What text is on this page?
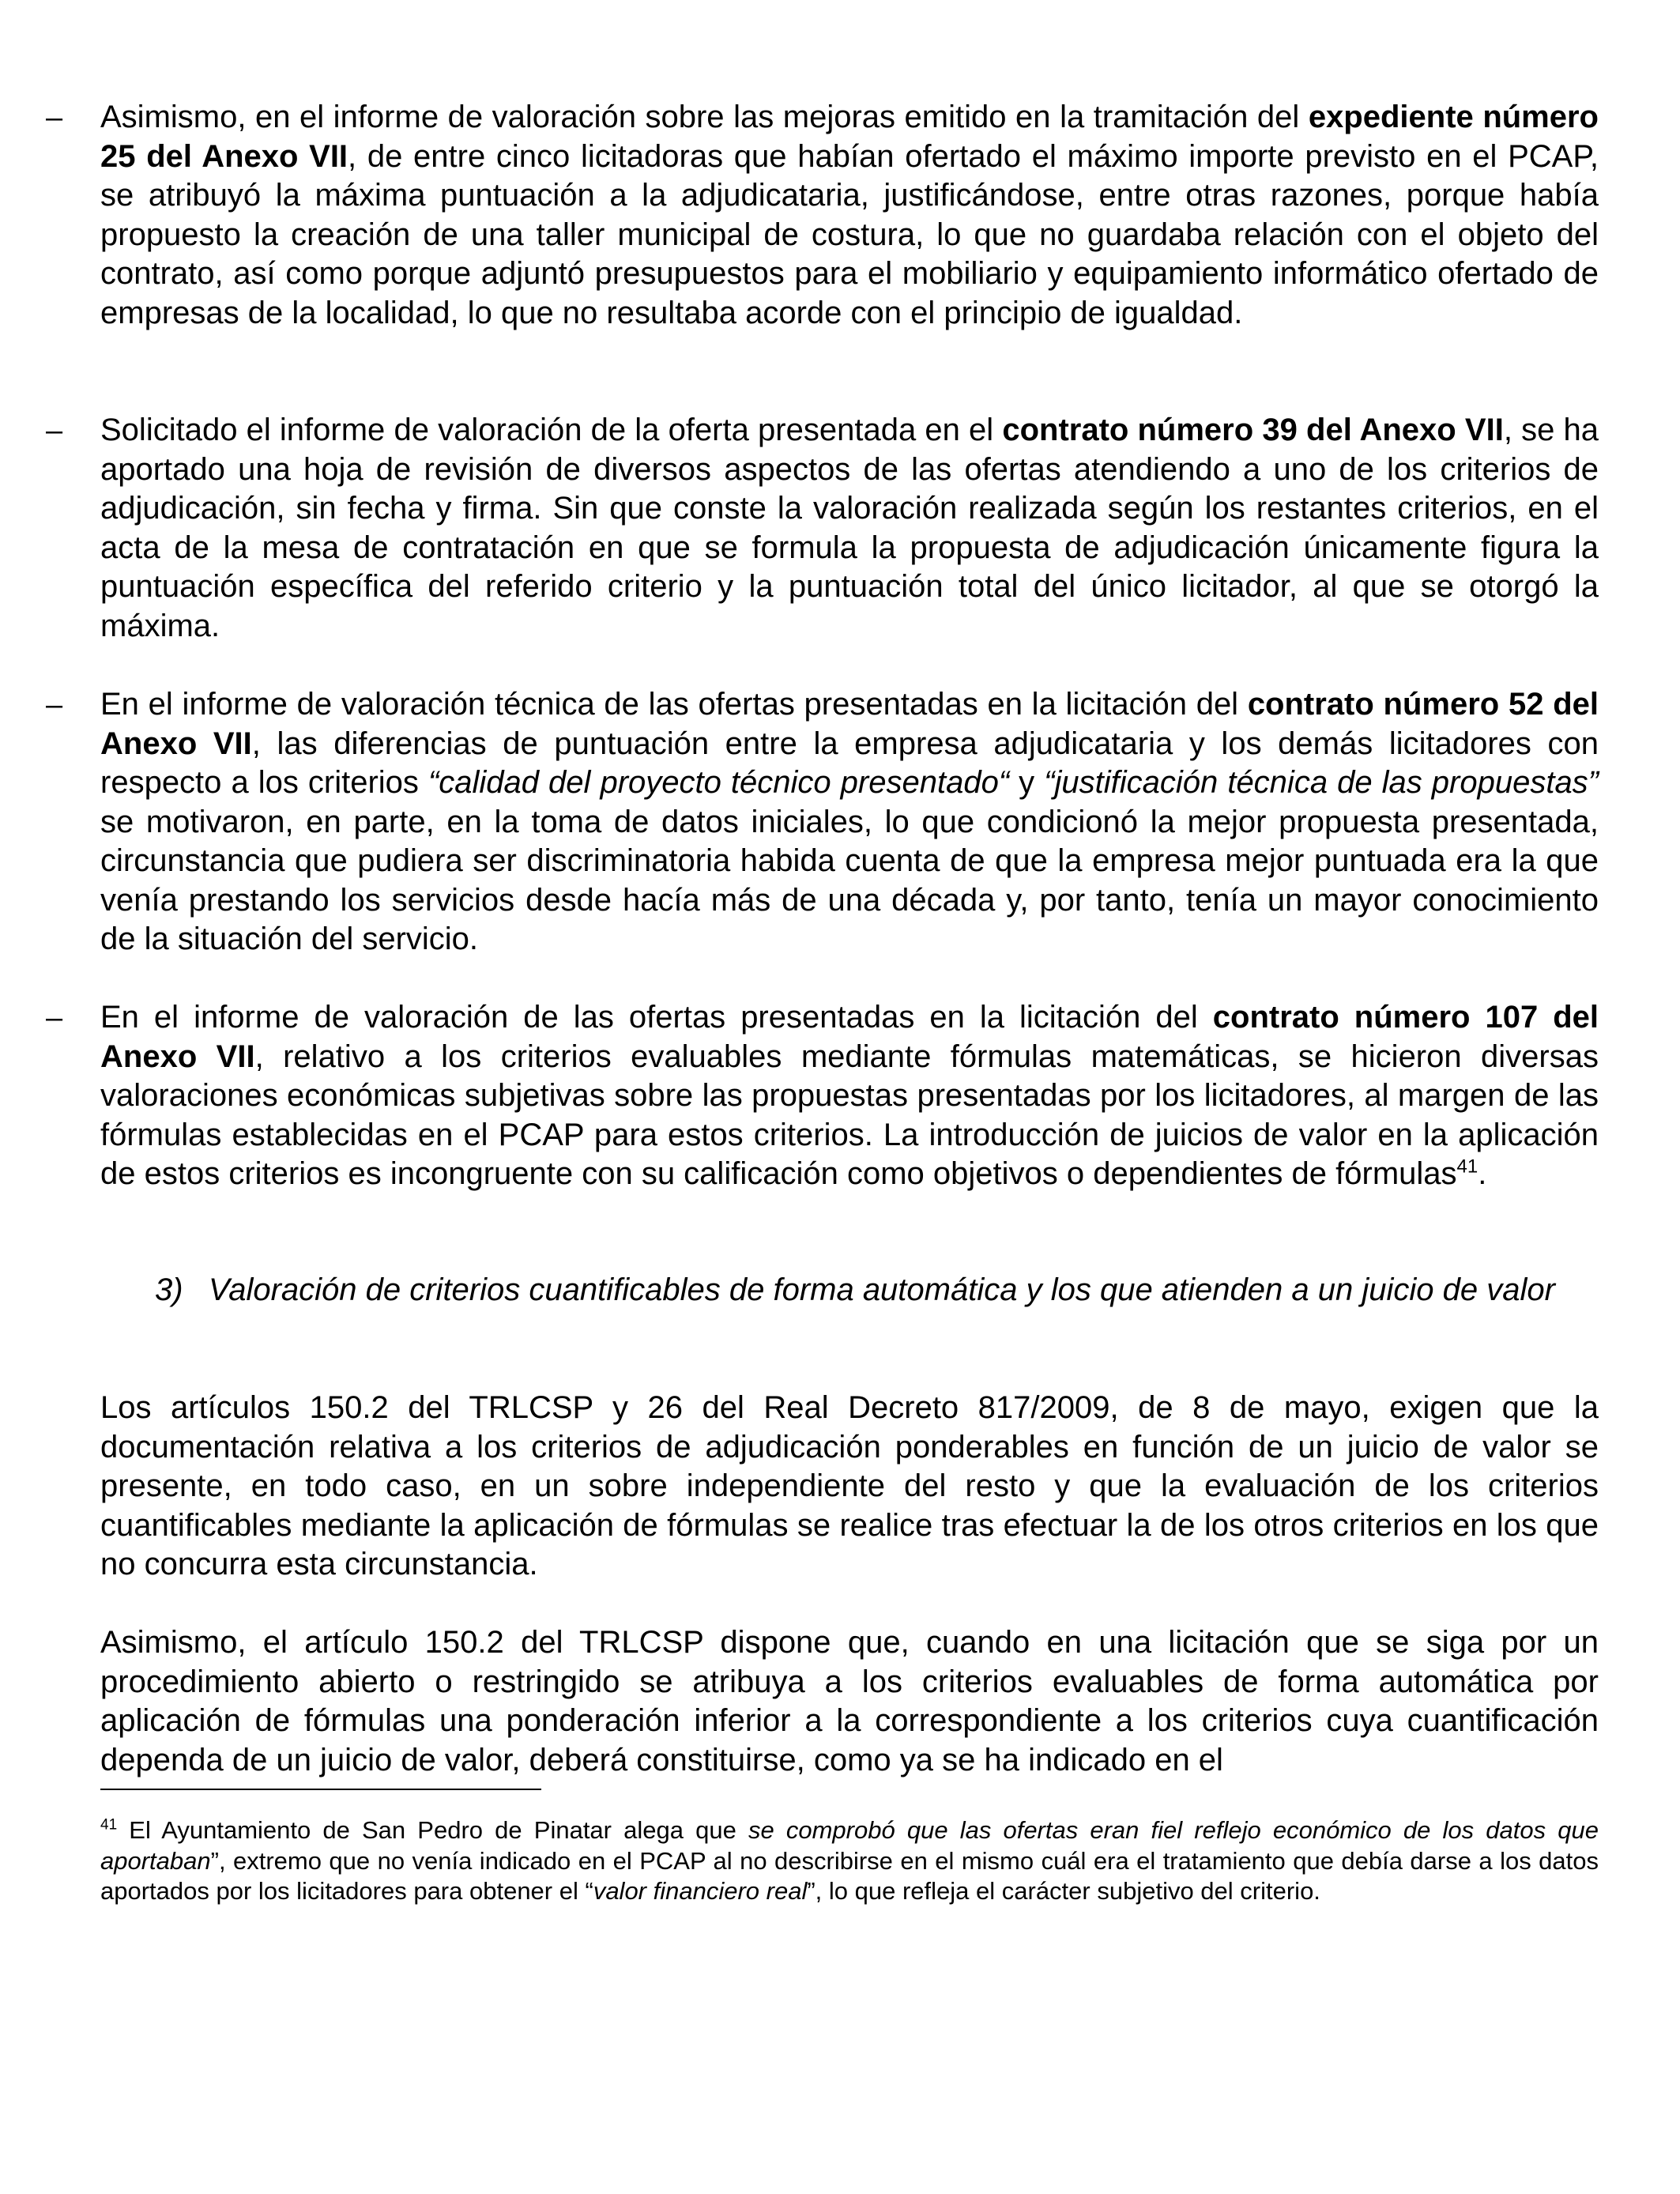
– Asimismo, en el informe de valoración sobre las mejoras emitido en la tramitación del expediente número 25 del Anexo VII, de entre cinco licitadoras que habían ofertado el máximo importe previsto en el PCAP, se atribuyó la máxima puntuación a la adjudicataria, justificándose, entre otras razones, porque había propuesto la creación de una taller municipal de costura, lo que no guardaba relación con el objeto del contrato, así como porque adjuntó presupuestos para el mobiliario y equipamiento informático ofertado de empresas de la localidad, lo que no resultaba acorde con el principio de igualdad.

– Solicitado el informe de valoración de la oferta presentada en el contrato número 39 del Anexo VII, se ha aportado una hoja de revisión de diversos aspectos de las ofertas atendiendo a uno de los criterios de adjudicación, sin fecha y firma. Sin que conste la valoración realizada según los restantes criterios, en el acta de la mesa de contratación en que se formula la propuesta de adjudicación únicamente figura la puntuación específica del referido criterio y la puntuación total del único licitador, al que se otorgó la máxima.

– En el informe de valoración técnica de las ofertas presentadas en la licitación del contrato número 52 del Anexo VII, las diferencias de puntuación entre la empresa adjudicataria y los demás licitadores con respecto a los criterios “calidad del proyecto técnico presentado“ y “justificación técnica de las propuestas” se motivaron, en parte, en la toma de datos iniciales, lo que condicionó la mejor propuesta presentada, circunstancia que pudiera ser discriminatoria habida cuenta de que la empresa mejor puntuada era la que venía prestando los servicios desde hacía más de una década y, por tanto, tenía un mayor conocimiento de la situación del servicio.

– En el informe de valoración de las ofertas presentadas en la licitación del contrato número 107 del Anexo VII, relativo a los criterios evaluables mediante fórmulas matemáticas, se hicieron diversas valoraciones económicas subjetivas sobre las propuestas presentadas por los licitadores, al margen de las fórmulas establecidas en el PCAP para estos criterios. La introducción de juicios de valor en la aplicación de estos criterios es incongruente con su calificación como objetivos o dependientes de fórmulas$^{41}$.

3) Valoración de criterios cuantificables de forma automática y los que atienden a un juicio de valor

Los artículos 150.2 del TRLCSP y 26 del Real Decreto 817/2009, de 8 de mayo, exigen que la documentación relativa a los criterios de adjudicación ponderables en función de un juicio de valor se presente, en todo caso, en un sobre independiente del resto y que la evaluación de los criterios cuantificables mediante la aplicación de fórmulas se realice tras efectuar la de los otros criterios en los que no concurra esta circunstancia.

Asimismo, el artículo 150.2 del TRLCSP dispone que, cuando en una licitación que se siga por un procedimiento abierto o restringido se atribuya a los criterios evaluables de forma automática por aplicación de fórmulas una ponderación inferior a la correspondiente a los criterios cuya cuantificación dependa de un juicio de valor, deberá constituirse, como ya se ha indicado en el

$^{41}$ El Ayuntamiento de San Pedro de Pinatar alega que se comprobó que las ofertas eran fiel reflejo económico de los datos que aportaban”, extremo que no venía indicado en el PCAP al no describirse en el mismo cuál era el tratamiento que debía darse a los datos aportados por los licitadores para obtener el “valor financiero real”, lo que refleja el carácter subjetivo del criterio.
